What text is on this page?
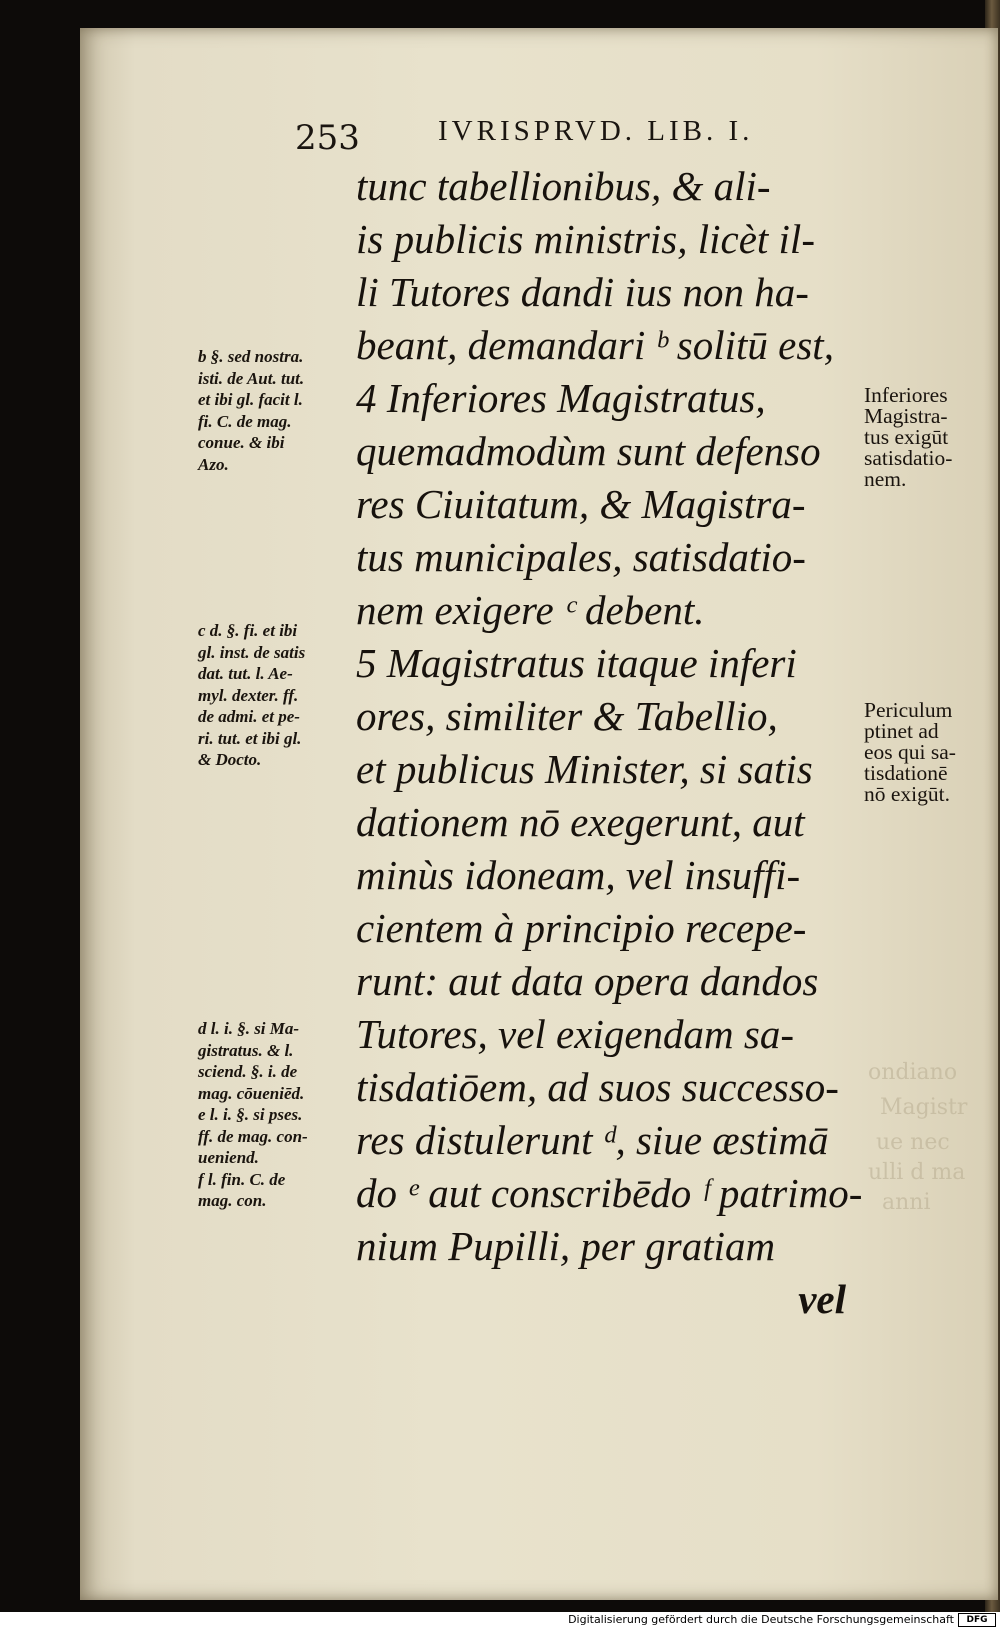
ondiano
Magistr
ue nec
ulli d ma
anni
253	IVRISPRVD. LIB. I.
tunc tabellionibus, & ali-
is publicis ministris, licèt il-
li Tutores dandi ius non ha-
beant, demandari ᵇ solitū est,
4 Inferiores Magistratus,
quemadmodùm sunt defenso
res Ciuitatum, & Magistra-
tus municipales, satisdatio-
nem exigere ᶜ debent.
5 Magistratus itaque inferi
ores, similiter & Tabellio,
et publicus Minister, si satis
dationem nō exegerunt, aut
minùs idoneam, vel insuffi-
cientem à principio recepe-
runt: aut data opera dandos
Tutores, vel exigendam sa-
tisdatiōem, ad suos successo-
res distulerunt ᵈ, siue æstimā
do ᵉ aut conscribēdo ᶠ patrimo-
nium Pupilli, per gratiam
vel
b §. sed nostra.
isti. de Aut. tut.
et ibi gl. facit l.
fi. C. de mag.
conue. & ibi
Azo.
c d. §. fi. et ibi
gl. inst. de satis
dat. tut. l. Ae-
myl. dexter. ff.
de admi. et pe-
ri. tut. et ibi gl.
& Docto.
d l. i. §. si Ma-
gistratus. & l.
sciend. §. i. de
mag. cōueniēd.
e l. i. §. si pses.
ff. de mag. con-
ueniend.
f l. fin. C. de
mag. con.
Inferiores
Magistra-
tus exigūt
satisdatio-
nem.
Periculum
ptinet ad
eos qui sa-
tisdationē
nō exigūt.
Digitalisierung gefördert durch die Deutsche Forschungsgemeinschaft	DFG
